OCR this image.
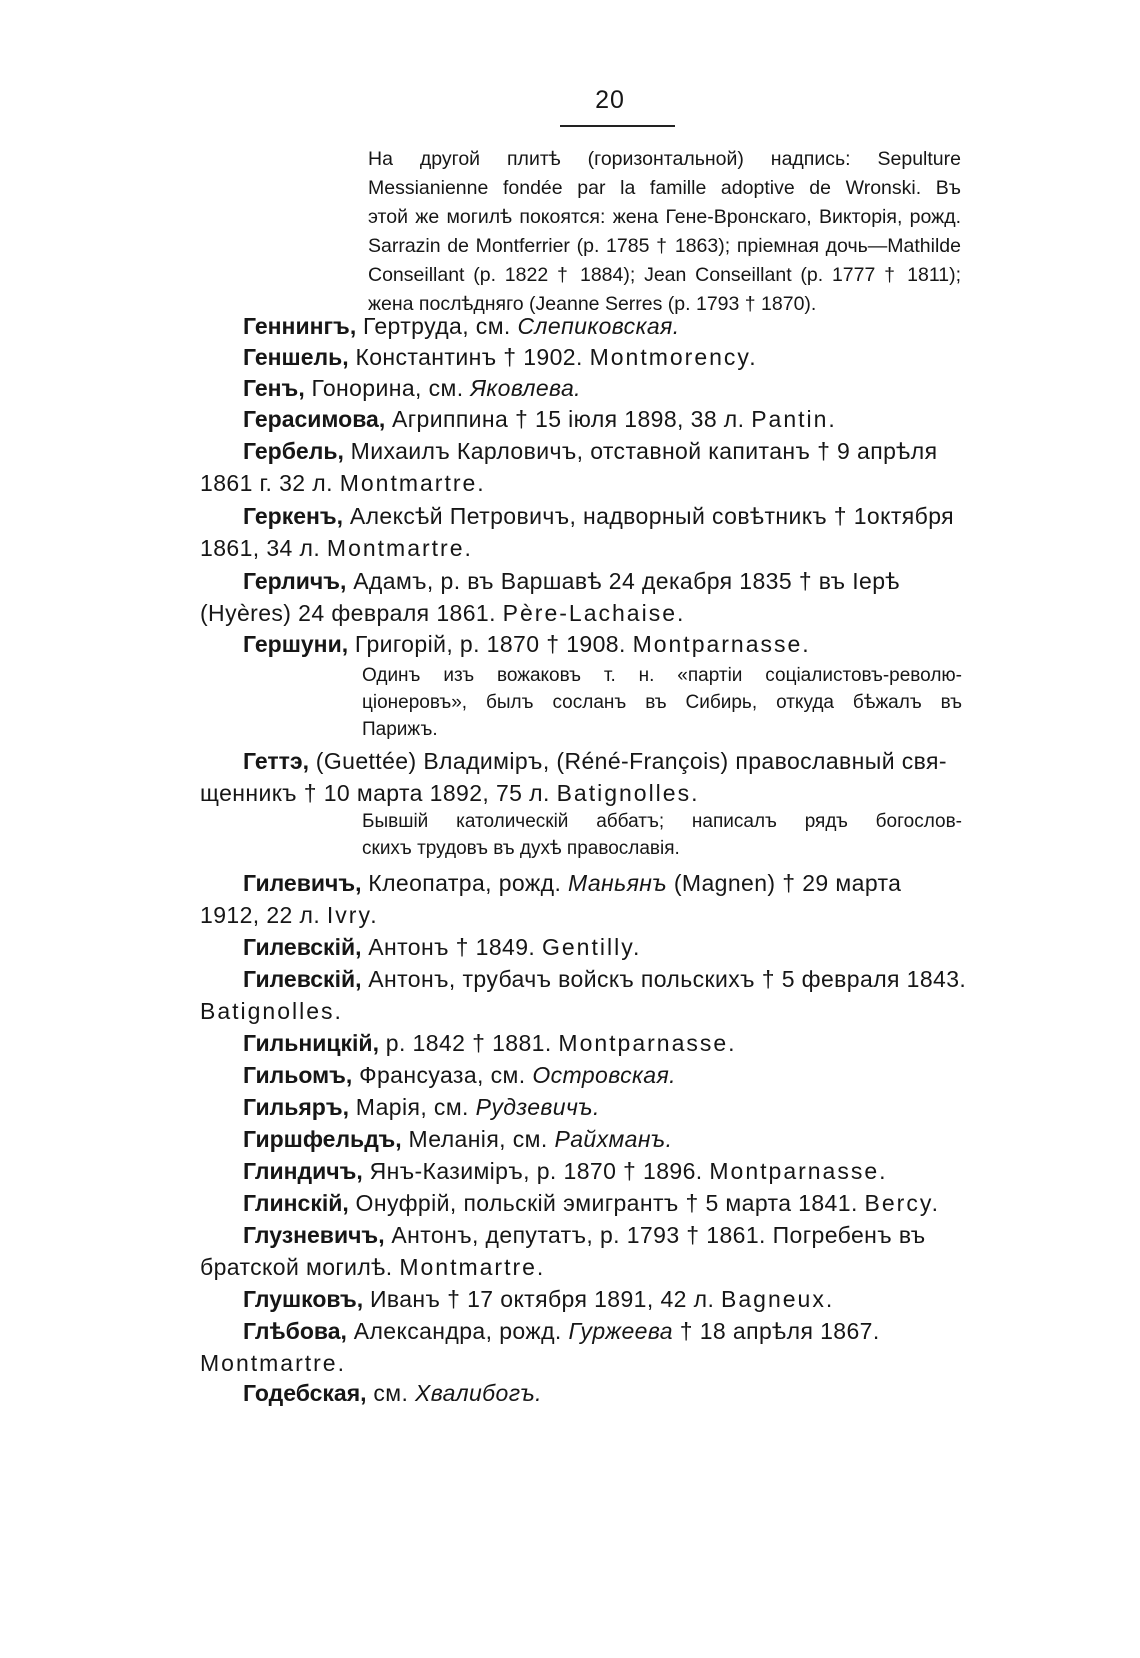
20
На другой плитѣ (горизонтальной) надпись: Sepulture
Messianienne fondée par la famille adoptive de Wronski. Въ
этой же могилѣ покоятся: жена Гене-Вронскаго, Викторія, рожд.
Sarrazin de Montferrier (р. 1785 † 1863); пріемная дочь—Mathilde
Conseillant (р. 1822 † 1884); Jean Conseillant (р. 1777 † 1811);
жена послѣдняго (Jeanne Serres (р. 1793 † 1870).
Геннингъ, Гертруда, см. Слепиковская.
Геншель, Константинъ † 1902. Montmorency.
Генъ, Гонорина, см. Яковлева.
Герасимова, Агриппина † 15 іюля 1898, 38 л. Pantin.
Гербель, Михаилъ Карловичъ, отставной капитанъ † 9 апрѣля
1861 г. 32 л. Montmartre.
Геркенъ, Алексѣй Петровичъ, надворный совѣтникъ † 1октября
1861, 34 л. Montmartre.
Герличъ, Адамъ, р. въ Варшавѣ 24 декабря 1835 † въ Іерѣ
(Hyères) 24 февраля 1861. Père-Lachaise.
Гершуни, Григорій, р. 1870 † 1908. Montparnasse.
Одинъ изъ вожаковъ т. н. «партіи соціалистовъ-револю-
ціонеровъ», былъ сосланъ въ Сибирь, откуда бѣжалъ въ
Парижъ.
Геттэ, (Guettée) Владиміръ, (Réné-François) православный свя-
щенникъ † 10 марта 1892, 75 л. Batignolles.
Бывшій католическій аббатъ; написалъ рядъ богослов-
скихъ трудовъ въ духѣ православія.
Гилевичъ, Клеопатра, рожд. Маньянъ (Magnen) † 29 марта
1912, 22 л. Ivry.
Гилевскій, Антонъ † 1849. Gentilly.
Гилевскій, Антонъ, трубачъ войскъ польскихъ † 5 февраля 1843.
Batignolles.
Гильницкій, р. 1842 † 1881. Montparnasse.
Гильомъ, Франсуаза, см. Островская.
Гильяръ, Марія, см. Рудзевичъ.
Гиршфельдъ, Меланія, см. Райхманъ.
Глиндичъ, Янъ-Казиміръ, р. 1870 † 1896. Montparnasse.
Глинскій, Онуфрій, польскій эмигрантъ † 5 марта 1841. Bercy.
Глузневичъ, Антонъ, депутатъ, р. 1793 † 1861. Погребенъ въ
братской могилѣ. Montmartre.
Глушковъ, Иванъ † 17 октября 1891, 42 л. Bagneux.
Глѣбова, Александра, рожд. Гуржеева † 18 апрѣля 1867.
Montmartre.
Годебская, см. Хвалибогъ.
